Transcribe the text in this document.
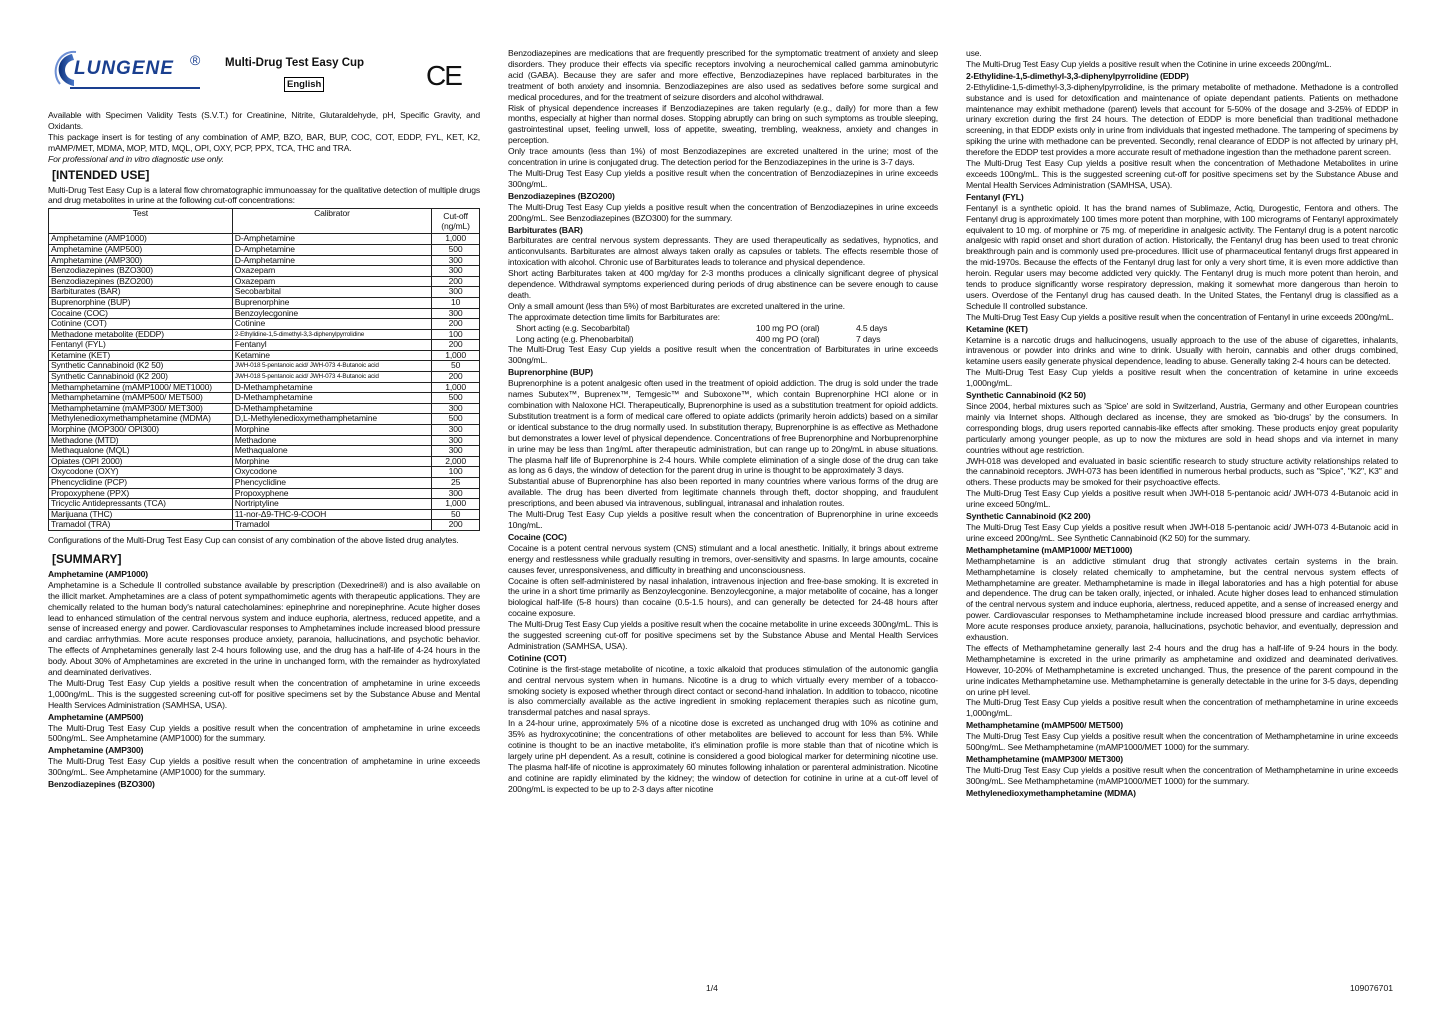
LUNGENE ® Multi-Drug Test Easy Cup
English	CE

Available with Specimen Validity Tests (S.V.T.) for Creatinine, Nitrite, Glutaraldehyde, pH, Specific Gravity, and Oxidants.

This package insert is for testing of any combination of AMP, BZO, BAR, BUP, COC, COT, EDDP, FYL, KET, K2, mAMP/MET, MDMA, MOP, MTD, MQL, OPI, OXY, PCP, PPX, TCA, THC and TRA.

For professional and in vitro diagnostic use only.

[INTENDED USE]

Multi-Drug Test Easy Cup is a lateral flow chromatographic immunoassay for the qualitative detection of multiple drugs and drug metabolites in urine at the following cut-off concentrations:

Test	Calibrator	Cut-off (ng/mL)
Amphetamine (AMP1000)	D-Amphetamine	1,000
Amphetamine (AMP500)	D-Amphetamine	500
Amphetamine (AMP300)	D-Amphetamine	300
Benzodiazepines (BZO300)	Oxazepam	300
Benzodiazepines (BZO200)	Oxazepam	200
Barbiturates (BAR)	Secobarbital	300
Buprenorphine (BUP)	Buprenorphine	10
Cocaine (COC)	Benzoylecgonine	300
Cotinine (COT)	Cotinine	200
Methadone metabolite (EDDP)	2-Ethylidine-1,5-dimethyl-3,3-diphenylpyrrolidine	100
Fentanyl (FYL)	Fentanyl	200
Ketamine (KET)	Ketamine	1,000
Synthetic Cannabinoid (K2 50)	JWH-018 5-pentanoic acid/ JWH-073 4-Butanoic acid	50
Synthetic Cannabinoid (K2 200)	JWH-018 5-pentanoic acid/ JWH-073 4-Butanoic acid	200
Methamphetamine (mAMP1000/ MET1000)	D-Methamphetamine	1,000
Methamphetamine (mAMP500/ MET500)	D-Methamphetamine	500
Methamphetamine (mAMP300/ MET300)	D-Methamphetamine	300
Methylenedioxymethamphetamine (MDMA)	D,L-Methylenedioxymethamphetamine	500
Morphine (MOP300/ OPI300)	Morphine	300
Methadone (MTD)	Methadone	300
Methaqualone (MQL)	Methaqualone	300
Opiates (OPI 2000)	Morphine	2,000
Oxycodone (OXY)	Oxycodone	100
Phencyclidine (PCP)	Phencyclidine	25
Propoxyphene (PPX)	Propoxyphene	300
Tricyclic Antidepressants (TCA)	Nortriptyline	1,000
Marijuana (THC)	11-nor-Δ9-THC-9-COOH	50
Tramadol (TRA)	Tramadol	200

Configurations of the Multi-Drug Test Easy Cup can consist of any combination of the above listed drug analytes.

[SUMMARY]
Amphetamine (AMP1000)

Amphetamine is a Schedule II controlled substance available by prescription (Dexedrine®) and is also available on the illicit market. Amphetamines are a class of potent sympathomimetic agents with therapeutic applications. They are chemically related to the human body's natural catecholamines: epinephrine and norepinephrine. Acute higher doses lead to enhanced stimulation of the central nervous system and induce euphoria, alertness, reduced appetite, and a sense of increased energy and power. Cardiovascular responses to Amphetamines include increased blood pressure and cardiac arrhythmias. More acute responses produce anxiety, paranoia, hallucinations, and psychotic behavior. The effects of Amphetamines generally last 2-4 hours following use, and the drug has a half-life of 4-24 hours in the body. About 30% of Amphetamines are excreted in the urine in unchanged form, with the remainder as hydroxylated and deaminated derivatives.

The Multi-Drug Test Easy Cup yields a positive result when the concentration of amphetamine in urine exceeds 1,000ng/mL. This is the suggested screening cut-off for positive specimens set by the Substance Abuse and Mental Health Services Administration (SAMHSA, USA).

Amphetamine (AMP500)

The Multi-Drug Test Easy Cup yields a positive result when the concentration of amphetamine in urine exceeds 500ng/mL. See Amphetamine (AMP1000) for the summary.

Amphetamine (AMP300)

The Multi-Drug Test Easy Cup yields a positive result when the concentration of amphetamine in urine exceeds 300ng/mL. See Amphetamine (AMP1000) for the summary.

Benzodiazepines (BZO300)

Benzodiazepines are medications that are frequently prescribed for the symptomatic treatment of anxiety and sleep disorders. They produce their effects via specific receptors involving a neurochemical called gamma aminobutyric acid (GABA). Because they are safer and more effective, Benzodiazepines have replaced barbiturates in the treatment of both anxiety and insomnia. Benzodiazepines are also used as sedatives before some surgical and medical procedures, and for the treatment of seizure disorders and alcohol withdrawal.

Risk of physical dependence increases if Benzodiazepines are taken regularly (e.g., daily) for more than a few months, especially at higher than normal doses. Stopping abruptly can bring on such symptoms as trouble sleeping, gastrointestinal upset, feeling unwell, loss of appetite, sweating, trembling, weakness, anxiety and changes in perception.

Only trace amounts (less than 1%) of most Benzodiazepines are excreted unaltered in the urine; most of the concentration in urine is conjugated drug. The detection period for the Benzodiazepines in the urine is 3-7 days.

The Multi-Drug Test Easy Cup yields a positive result when the concentration of Benzodiazepines in urine exceeds 300ng/mL.

Benzodiazepines (BZO200)

The Multi-Drug Test Easy Cup yields a positive result when the concentration of Benzodiazepines in urine exceeds 200ng/mL. See Benzodiazepines (BZO300) for the summary.

Barbiturates (BAR)

Barbiturates are central nervous system depressants. They are used therapeutically as sedatives, hypnotics, and anticonvulsants. Barbiturates are almost always taken orally as capsules or tablets. The effects resemble those of intoxication with alcohol. Chronic use of Barbiturates leads to tolerance and physical dependence.

Short acting Barbiturates taken at 400 mg/day for 2-3 months produces a clinically significant degree of physical dependence. Withdrawal symptoms experienced during periods of drug abstinence can be severe enough to cause death.

Only a small amount (less than 5%) of most Barbiturates are excreted unaltered in the urine.

The approximate detection time limits for Barbiturates are:

Short acting (e.g. Secobarbital)	100 mg PO (oral)	4.5 days
Long acting (e.g. Phenobarbital)	400 mg PO (oral)	7 days

The Multi-Drug Test Easy Cup yields a positive result when the concentration of Barbiturates in urine exceeds 300ng/mL.

Buprenorphine (BUP)

Buprenorphine is a potent analgesic often used in the treatment of opioid addiction. The drug is sold under the trade names Subutex™, Buprenex™, Temgesic™ and Suboxone™, which contain Buprenorphine HCl alone or in combination with Naloxone HCl. Therapeutically, Buprenorphine is used as a substitution treatment for opioid addicts. Substitution treatment is a form of medical care offered to opiate addicts (primarily heroin addicts) based on a similar or identical substance to the drug normally used. In substitution therapy, Buprenorphine is as effective as Methadone but demonstrates a lower level of physical dependence. Concentrations of free Buprenorphine and Norbuprenorphine in urine may be less than 1ng/mL after therapeutic administration, but can range up to 20ng/mL in abuse situations. The plasma half life of Buprenorphine is 2-4 hours. While complete elimination of a single dose of the drug can take as long as 6 days, the window of detection for the parent drug in urine is thought to be approximately 3 days.

Substantial abuse of Buprenorphine has also been reported in many countries where various forms of the drug are available. The drug has been diverted from legitimate channels through theft, doctor shopping, and fraudulent prescriptions, and been abused via intravenous, sublingual, intranasal and inhalation routes.

The Multi-Drug Test Easy Cup yields a positive result when the concentration of Buprenorphine in urine exceeds 10ng/mL.

Cocaine (COC)

Cocaine is a potent central nervous system (CNS) stimulant and a local anesthetic. Initially, it brings about extreme energy and restlessness while gradually resulting in tremors, over-sensitivity and spasms. In large amounts, cocaine causes fever, unresponsiveness, and difficulty in breathing and unconsciousness.

Cocaine is often self-administered by nasal inhalation, intravenous injection and free-base smoking. It is excreted in the urine in a short time primarily as Benzoylecgonine. Benzoylecgonine, a major metabolite of cocaine, has a longer biological half-life (5-8 hours) than cocaine (0.5-1.5 hours), and can generally be detected for 24-48 hours after cocaine exposure.

The Multi-Drug Test Easy Cup yields a positive result when the cocaine metabolite in urine exceeds 300ng/mL. This is the suggested screening cut-off for positive specimens set by the Substance Abuse and Mental Health Services Administration (SAMHSA, USA).

Cotinine (COT)

Cotinine is the first-stage metabolite of nicotine, a toxic alkaloid that produces stimulation of the autonomic ganglia and central nervous system when in humans. Nicotine is a drug to which virtually every member of a tobacco-smoking society is exposed whether through direct contact or second-hand inhalation. In addition to tobacco, nicotine is also commercially available as the active ingredient in smoking replacement therapies such as nicotine gum, transdermal patches and nasal sprays.

In a 24-hour urine, approximately 5% of a nicotine dose is excreted as unchanged drug with 10% as cotinine and 35% as hydroxycotinine; the concentrations of other metabolites are believed to account for less than 5%. While cotinine is thought to be an inactive metabolite, it's elimination profile is more stable than that of nicotine which is largely urine pH dependent. As a result, cotinine is considered a good biological marker for determining nicotine use. The plasma half-life of nicotine is approximately 60 minutes following inhalation or parenteral administration. Nicotine and cotinine are rapidly eliminated by the kidney; the window of detection for cotinine in urine at a cut-off level of 200ng/mL is expected to be up to 2-3 days after nicotine

use.

The Multi-Drug Test Easy Cup yields a positive result when the Cotinine in urine exceeds 200ng/mL.

2-Ethylidine-1,5-dimethyl-3,3-diphenylpyrrolidine (EDDP)

2-Ethylidine-1,5-dimethyl-3,3-diphenylpyrrolidine, is the primary metabolite of methadone. Methadone is a controlled substance and is used for detoxification and maintenance of opiate dependant patients. Patients on methadone maintenance may exhibit methadone (parent) levels that account for 5-50% of the dosage and 3-25% of EDDP in urinary excretion during the first 24 hours. The detection of EDDP is more beneficial than traditional methadone screening, in that EDDP exists only in urine from individuals that ingested methadone. The tampering of specimens by spiking the urine with methadone can be prevented. Secondly, renal clearance of EDDP is not affected by urinary pH, therefore the EDDP test provides a more accurate result of methadone ingestion than the methadone parent screen.

The Multi-Drug Test Easy Cup yields a positive result when the concentration of Methadone Metabolites in urine exceeds 100ng/mL. This is the suggested screening cut-off for positive specimens set by the Substance Abuse and Mental Health Services Administration (SAMHSA, USA).

Fentanyl (FYL)

Fentanyl is a synthetic opioid. It has the brand names of Sublimaze, Actiq, Durogestic, Fentora and others. The Fentanyl drug is approximately 100 times more potent than morphine, with 100 micrograms of Fentanyl approximately equivalent to 10 mg. of morphine or 75 mg. of meperidine in analgesic activity. The Fentanyl drug is a potent narcotic analgesic with rapid onset and short duration of action. Historically, the Fentanyl drug has been used to treat chronic breakthrough pain and is commonly used pre-procedures. Illicit use of pharmaceutical fentanyl drugs first appeared in the mid-1970s. Because the effects of the Fentanyl drug last for only a very short time, it is even more addictive than heroin. Regular users may become addicted very quickly. The Fentanyl drug is much more potent than heroin, and tends to produce significantly worse respiratory depression, making it somewhat more dangerous than heroin to users. Overdose of the Fentanyl drug has caused death. In the United States, the Fentanyl drug is classified as a Schedule II controlled substance.

The Multi-Drug Test Easy Cup yields a positive result when the concentration of Fentanyl in urine exceeds 200ng/mL.

Ketamine (KET)

Ketamine is a narcotic drugs and hallucinogens, usually approach to the use of the abuse of cigarettes, inhalants, intravenous or powder into drinks and wine to drink. Usually with heroin, cannabis and other drugs combined, ketamine users easily generate physical dependence, leading to abuse. Generally taking 2-4 hours can be detected.

The Multi-Drug Test Easy Cup yields a positive result when the concentration of ketamine in urine exceeds 1,000ng/mL.

Synthetic Cannabinoid (K2 50)

Since 2004, herbal mixtures such as 'Spice' are sold in Switzerland, Austria, Germany and other European countries mainly via Internet shops. Although declared as incense, they are smoked as 'bio-drugs' by the consumers. In corresponding blogs, drug users reported cannabis-like effects after smoking. These products enjoy great popularity particularly among younger people, as up to now the mixtures are sold in head shops and via internet in many countries without age restriction.

JWH-018 was developed and evaluated in basic scientific research to study structure activity relationships related to the cannabinoid receptors. JWH-073 has been identified in numerous herbal products, such as "Spice", "K2", K3" and others. These products may be smoked for their psychoactive effects.

The Multi-Drug Test Easy Cup yields a positive result when JWH-018 5-pentanoic acid/ JWH-073 4-Butanoic acid in urine exceed 50ng/mL.

Synthetic Cannabinoid (K2 200)

The Multi-Drug Test Easy Cup yields a positive result when JWH-018 5-pentanoic acid/ JWH-073 4-Butanoic acid in urine exceed 200ng/mL. See Synthetic Cannabinoid (K2 50) for the summary.

Methamphetamine (mAMP1000/ MET1000)

Methamphetamine is an addictive stimulant drug that strongly activates certain systems in the brain. Methamphetamine is closely related chemically to amphetamine, but the central nervous system effects of Methamphetamine are greater. Methamphetamine is made in illegal laboratories and has a high potential for abuse and dependence. The drug can be taken orally, injected, or inhaled. Acute higher doses lead to enhanced stimulation of the central nervous system and induce euphoria, alertness, reduced appetite, and a sense of increased energy and power. Cardiovascular responses to Methamphetamine include increased blood pressure and cardiac arrhythmias. More acute responses produce anxiety, paranoia, hallucinations, psychotic behavior, and eventually, depression and exhaustion.

The effects of Methamphetamine generally last 2-4 hours and the drug has a half-life of 9-24 hours in the body. Methamphetamine is excreted in the urine primarily as amphetamine and oxidized and deaminated derivatives. However, 10-20% of Methamphetamine is excreted unchanged. Thus, the presence of the parent compound in the urine indicates Methamphetamine use. Methamphetamine is generally detectable in the urine for 3-5 days, depending on urine pH level.

The Multi-Drug Test Easy Cup yields a positive result when the concentration of methamphetamine in urine exceeds 1,000ng/mL.

Methamphetamine (mAMP500/ MET500)

The Multi-Drug Test Easy Cup yields a positive result when the concentration of Methamphetamine in urine exceeds 500ng/mL. See Methamphetamine (mAMP1000/MET 1000) for the summary.

Methamphetamine (mAMP300/ MET300)

The Multi-Drug Test Easy Cup yields a positive result when the concentration of Methamphetamine in urine exceeds 300ng/mL. See Methamphetamine (mAMP1000/MET 1000) for the summary.

Methylenedioxymethamphetamine (MDMA)
1/4	109076701
